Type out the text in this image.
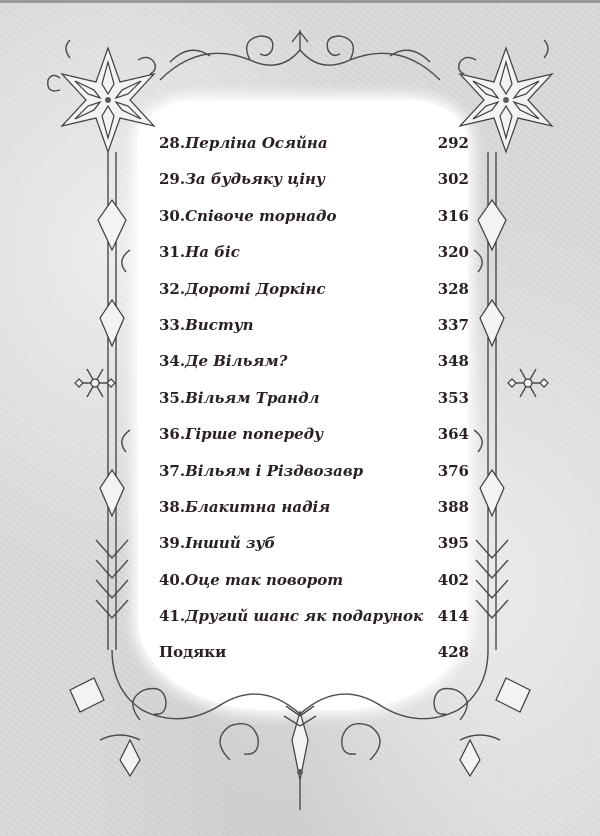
28.Перліна Осяйна	292
29.За будьяку ціну	302
30.Співоче торнадо	316
31.На біс	320
32.Дороті Доркінс	328
33.Виступ	337
34.Де Вільям?	348
35.Вільям Трандл	353
36.Гірше попереду	364
37.Вільям і Різдвозавр	376
38.Блакитна надія	388
39.Інший зуб	395
40.Оце так поворот	402
41.Другий шанс як подарунок 414
Подяки	428
